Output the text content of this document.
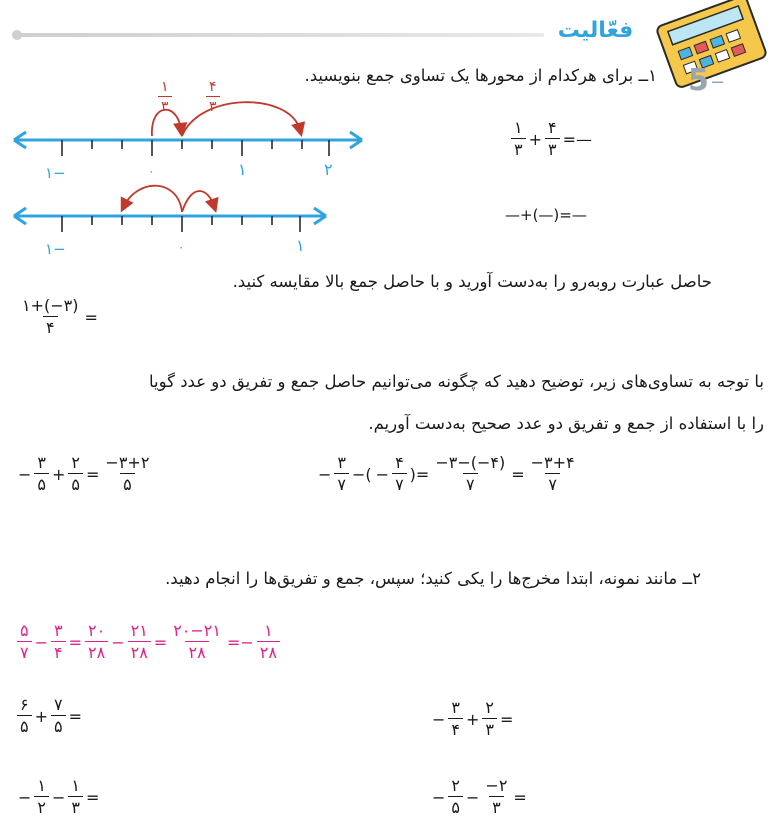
فعّالیت
5 −
۱ــ برای هرکدام از محورها یک تساوی جمع بنویسید.
۱−	۰	۱	۲
۱
۳
۴
۳
$\frac{۱}{۳} + \frac{۴}{۳}$ =—
۱−	۰	۱
—+(—)=—
حاصل عبارت روبه‌رو را به‌دست آورید و با حاصل جمع بالا مقایسه کنید.
$\frac{۱+(-۳)}{۴}$ =
با توجه به تساوی‌های زیر، توضیح دهید که چگونه می‌توانیم حاصل جمع و تفریق دو عدد گویا
را با استفاده از جمع و تفریق دو عدد صحیح به‌دست آوریم.
− $\frac{۳}{۵} + \frac{۲}{۵} = \frac{-۳+۲}{۵}$	− $\frac{۳}{۷}$ −( − $\frac{۴}{۷}$ )= $\frac{-۳-(-۴)}{۷} = \frac{-۳+۴}{۷}$
۲ــ مانند نمونه، ابتدا مخرج‌ها را یکی کنید؛ سپس، جمع و تفریق‌ها را انجام دهید.
$\frac{۵}{۷} - \frac{۳}{۴} = \frac{۲۰}{۲۸} - \frac{۲۱}{۲۸} = \frac{۲۰-۲۱}{۲۸} =- \frac{۱}{۲۸}$
$\frac{۶}{۵} + \frac{۷}{۵}$ =	− $\frac{۳}{۴} + \frac{۲}{۳}$ =
− $\frac{۱}{۲} - \frac{۱}{۳}$ =	− $\frac{۲}{۵} - \frac{-۲}{۳}$ =
